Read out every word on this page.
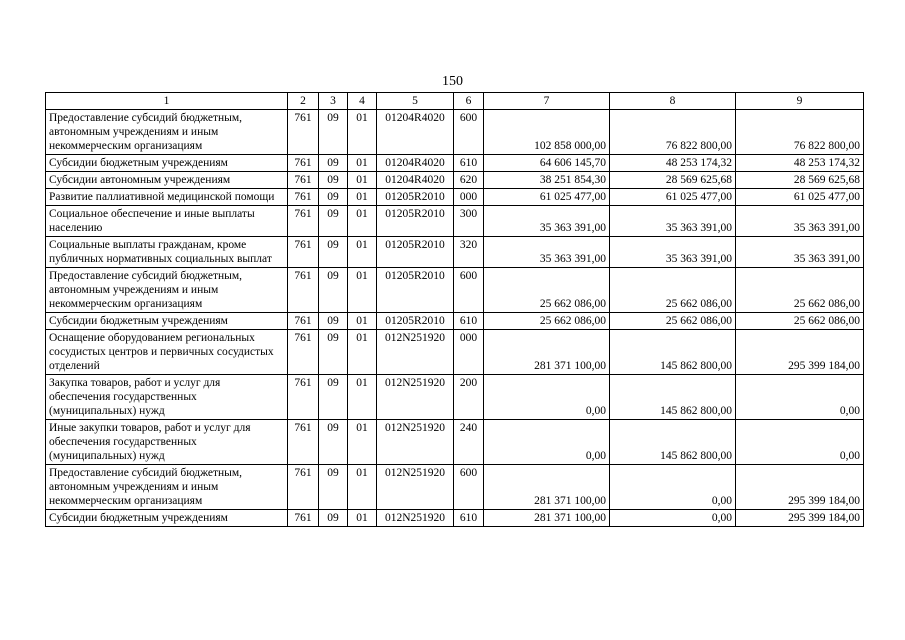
150
1	2	3	4	5	6	7	8	9
Предоставление субсидий бюджетным, автономным учреждениям и иным некоммерческим организациям	761	09	01	01204R4020	600	102 858 000,00	76 822 800,00	76 822 800,00
Субсидии бюджетным учреждениям	761	09	01	01204R4020	610	64 606 145,70	48 253 174,32	48 253 174,32
Субсидии автономным учреждениям	761	09	01	01204R4020	620	38 251 854,30	28 569 625,68	28 569 625,68
Развитие паллиативной медицинской помощи	761	09	01	01205R2010	000	61 025 477,00	61 025 477,00	61 025 477,00
Социальное обеспечение и иные выплаты населению	761	09	01	01205R2010	300	35 363 391,00	35 363 391,00	35 363 391,00
Социальные выплаты гражданам, кроме публичных нормативных социальных выплат	761	09	01	01205R2010	320	35 363 391,00	35 363 391,00	35 363 391,00
Предоставление субсидий бюджетным, автономным учреждениям и иным некоммерческим организациям	761	09	01	01205R2010	600	25 662 086,00	25 662 086,00	25 662 086,00
Субсидии бюджетным учреждениям	761	09	01	01205R2010	610	25 662 086,00	25 662 086,00	25 662 086,00
Оснащение оборудованием региональных сосудистых центров и первичных сосудистых отделений	761	09	01	012N251920	000	281 371 100,00	145 862 800,00	295 399 184,00
Закупка товаров, работ и услуг для обеспечения государственных (муниципальных) нужд	761	09	01	012N251920	200	0,00	145 862 800,00	0,00
Иные закупки товаров, работ и услуг для обеспечения государственных (муниципальных) нужд	761	09	01	012N251920	240	0,00	145 862 800,00	0,00
Предоставление субсидий бюджетным, автономным учреждениям и иным некоммерческим организациям	761	09	01	012N251920	600	281 371 100,00	0,00	295 399 184,00
Субсидии бюджетным учреждениям	761	09	01	012N251920	610	281 371 100,00	0,00	295 399 184,00
